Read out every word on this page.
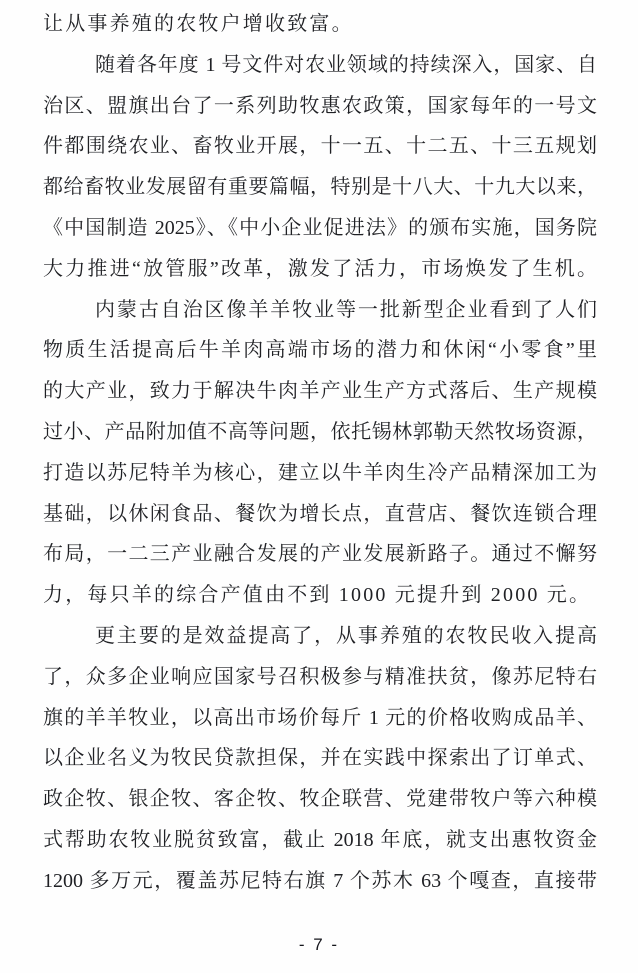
让从事养殖的农牧户增收致富。
随着各年度 1 号文件对农业领域的持续深入，国家、自
治区、盟旗出台了一系列助牧惠农政策，国家每年的一号文
件都围绕农业、畜牧业开展，十一五、十二五、十三五规划
都给畜牧业发展留有重要篇幅，特别是十八大、十九大以来，
《中国制造 2025》、《中小企业促进法》的颁布实施，国务院
大力推进“放管服”改革，激发了活力，市场焕发了生机。
内蒙古自治区像羊羊牧业等一批新型企业看到了人们
物质生活提高后牛羊肉高端市场的潜力和休闲“小零食”里
的大产业，致力于解决牛肉羊产业生产方式落后、生产规模
过小、产品附加值不高等问题，依托锡林郭勒天然牧场资源，
打造以苏尼特羊为核心，建立以牛羊肉生冷产品精深加工为
基础，以休闲食品、餐饮为增长点，直营店、餐饮连锁合理
布局，一二三产业融合发展的产业发展新路子。通过不懈努
力，每只羊的综合产值由不到 1000 元提升到 2000 元。
更主要的是效益提高了，从事养殖的农牧民收入提高
了，众多企业响应国家号召积极参与精准扶贫，像苏尼特右
旗的羊羊牧业，以高出市场价每斤 1 元的价格收购成品羊、
以企业名义为牧民贷款担保，并在实践中探索出了订单式、
政企牧、银企牧、客企牧、牧企联营、党建带牧户等六种模
式帮助农牧业脱贫致富，截止 2018 年底，就支出惠牧资金
1200 多万元，覆盖苏尼特右旗 7 个苏木 63 个嘎查，直接带
- 7 -
